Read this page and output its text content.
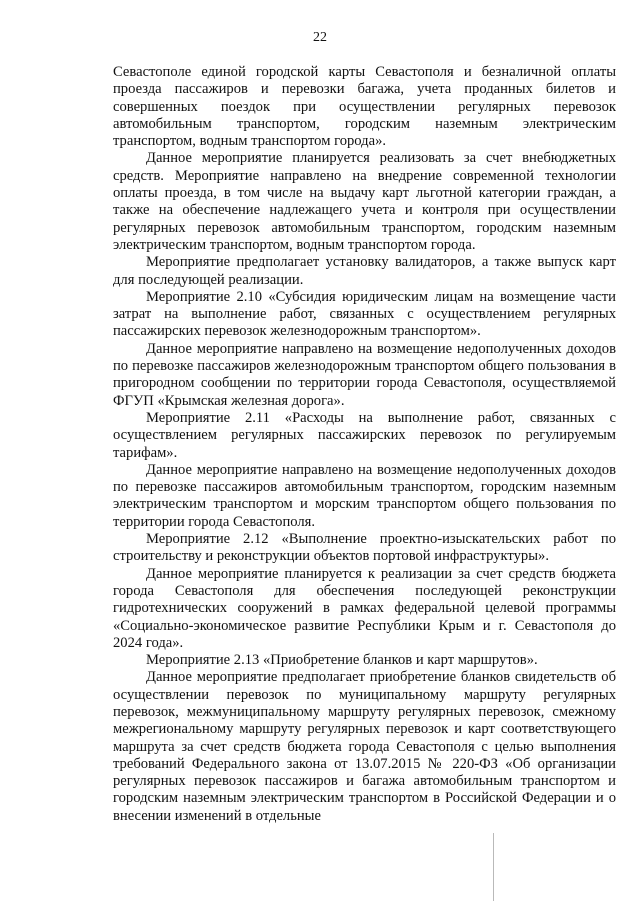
22

Севастополе единой городской карты Севастополя и безналичной оплаты проезда пассажиров и перевозки багажа, учета проданных билетов и совершенных поездок при осуществлении регулярных перевозок автомобильным транспортом, городским наземным электрическим транспортом, водным транспортом города».

Данное мероприятие планируется реализовать за счет внебюджетных средств. Мероприятие направлено на внедрение современной технологии оплаты проезда, в том числе на выдачу карт льготной категории граждан, а также на обеспечение надлежащего учета и контроля при осуществлении регулярных перевозок автомобильным транспортом, городским наземным электрическим транспортом, водным транспортом города.

Мероприятие предполагает установку валидаторов, а также выпуск карт для последующей реализации.

Мероприятие 2.10 «Субсидия юридическим лицам на возмещение части затрат на выполнение работ, связанных с осуществлением регулярных пассажирских перевозок железнодорожным транспортом».

Данное мероприятие направлено на возмещение недополученных доходов по перевозке пассажиров железнодорожным транспортом общего пользования в пригородном сообщении по территории города Севастополя, осуществляемой ФГУП «Крымская железная дорога».

Мероприятие 2.11 «Расходы на выполнение работ, связанных с осуществлением регулярных пассажирских перевозок по регулируемым тарифам».

Данное мероприятие направлено на возмещение недополученных доходов по перевозке пассажиров автомобильным транспортом, городским наземным электрическим транспортом и морским транспортом общего пользования по территории города Севастополя.

Мероприятие 2.12 «Выполнение проектно-изыскательских работ по строительству и реконструкции объектов портовой инфраструктуры».

Данное мероприятие планируется к реализации за счет средств бюджета города Севастополя для обеспечения последующей реконструкции гидротехнических сооружений в рамках федеральной целевой программы «Социально-экономическое развитие Республики Крым и г. Севастополя до 2024 года».

Мероприятие 2.13 «Приобретение бланков и карт маршрутов».

Данное мероприятие предполагает приобретение бланков свидетельств об осуществлении перевозок по муниципальному маршруту регулярных перевозок, межмуниципальному маршруту регулярных перевозок, смежному межрегиональному маршруту регулярных перевозок и карт соответствующего маршрута за счет средств бюджета города Севастополя с целью выполнения требований Федерального закона от 13.07.2015 № 220-ФЗ «Об организации регулярных перевозок пассажиров и багажа автомобильным транспортом и городским наземным электрическим транспортом в Российской Федерации и о внесении изменений в отдельные
